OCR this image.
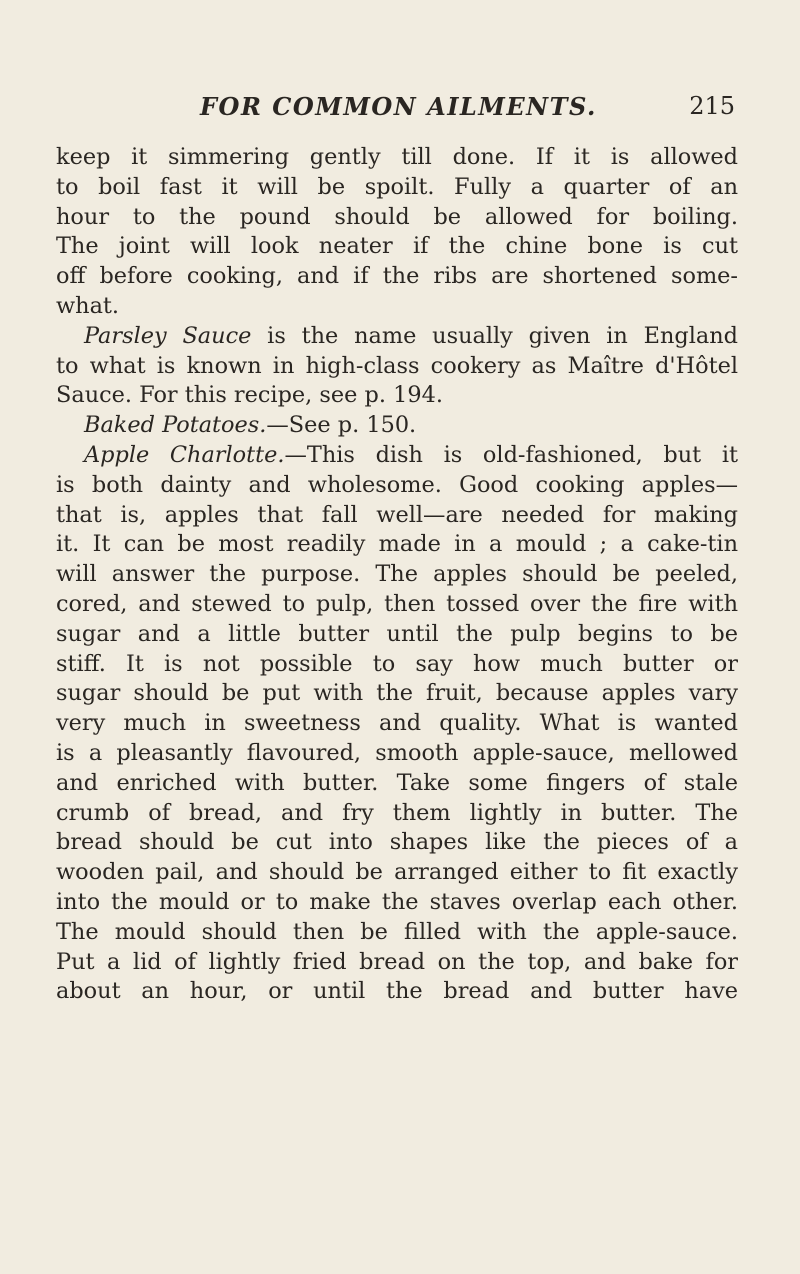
FOR COMMON AILMENTS.	215
keep it simmering gently till done. If it is allowed
to boil fast it will be spoilt. Fully a quarter of an
hour to the pound should be allowed for boiling.
The joint will look neater if the chine bone is cut
off before cooking, and if the ribs are shortened some-
what.
Parsley Sauce is the name usually given in England
to what is known in high-class cookery as Maître d'Hôtel
Sauce. For this recipe, see p. 194.
Baked Potatoes.—See p. 150.
Apple Charlotte.—This dish is old-fashioned, but it
is both dainty and wholesome. Good cooking apples—
that is, apples that fall well—are needed for making
it. It can be most readily made in a mould ; a cake-tin
will answer the purpose. The apples should be peeled,
cored, and stewed to pulp, then tossed over the fire with
sugar and a little butter until the pulp begins to be
stiff. It is not possible to say how much butter or
sugar should be put with the fruit, because apples vary
very much in sweetness and quality. What is wanted
is a pleasantly flavoured, smooth apple-sauce, mellowed
and enriched with butter. Take some fingers of stale
crumb of bread, and fry them lightly in butter. The
bread should be cut into shapes like the pieces of a
wooden pail, and should be arranged either to fit exactly
into the mould or to make the staves overlap each other.
The mould should then be filled with the apple-sauce.
Put a lid of lightly fried bread on the top, and bake for
about an hour, or until the bread and butter have
